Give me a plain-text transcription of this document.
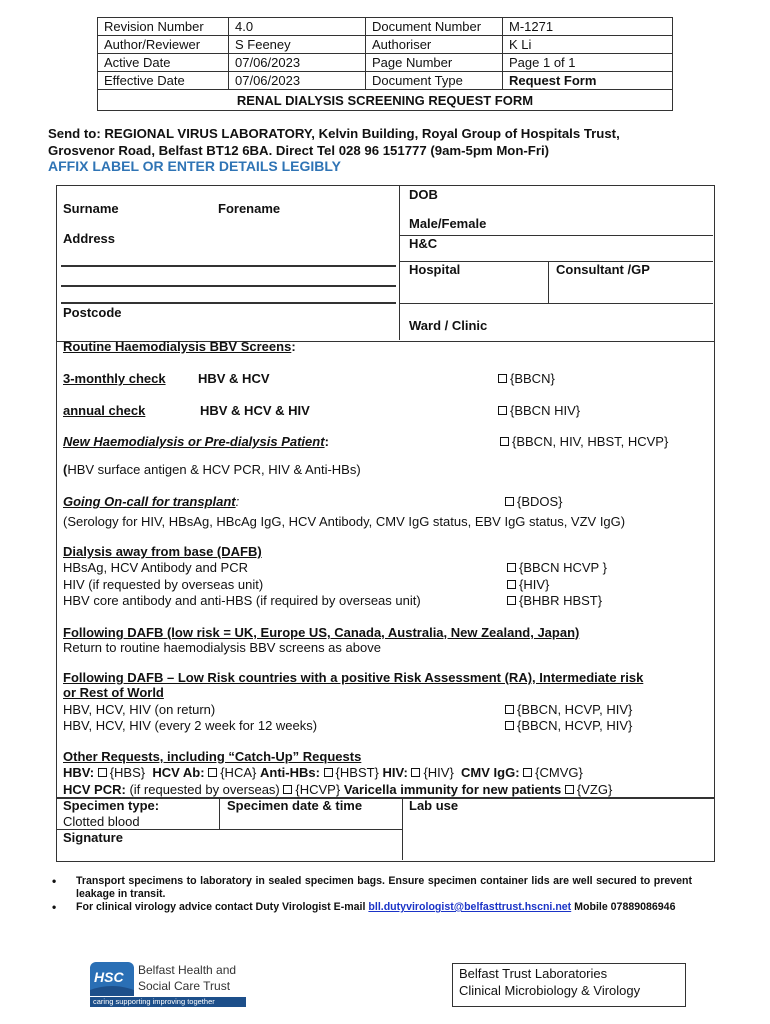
Revision Number	4.0	Document Number	M-1271
Author/Reviewer	S Feeney	Authoriser	K Li
Active Date	07/06/2023	Page Number	Page 1 of 1
Effective Date	07/06/2023	Document Type	Request Form
RENAL DIALYSIS SCREENING REQUEST FORM			
Send to: REGIONAL VIRUS LABORATORY, Kelvin Building, Royal Group of Hospitals Trust,
Grosvenor Road, Belfast BT12 6BA. Direct Tel 028 96 151777 (9am-5pm Mon-Fri)
AFFIX LABEL OR ENTER DETAILS LEGIBLY
Surname	Forename
Address
Postcode
DOB
Male/Female
H&C
Hospital	Consultant /GP
Ward / Clinic
Routine Haemodialysis BBV Screens:
3-monthly check HBV & HCV	{BBCN}
annual check	HBV & HCV & HIV	{BBCN HIV}
New Haemodialysis or Pre-dialysis Patient:	{BBCN, HIV, HBST, HCVP}
(HBV surface antigen & HCV PCR, HIV & Anti-HBs)
Going On-call for transplant:	{BDOS}
(Serology for HIV, HBsAg, HBcAg IgG, HCV Antibody, CMV IgG status, EBV IgG status, VZV IgG)
Dialysis away from base (DAFB)
HBsAg, HCV Antibody and PCR	{BBCN HCVP }
HIV (if requested by overseas unit)	{HIV}
HBV core antibody and anti-HBS (if required by overseas unit)	{BHBR HBST}
Following DAFB (low risk = UK, Europe US, Canada, Australia, New Zealand, Japan)
Return to routine haemodialysis BBV screens as above
Following DAFB – Low Risk countries with a positive Risk Assessment (RA), Intermediate risk
or Rest of World
HBV, HCV, HIV (on return)	{BBCN, HCVP, HIV}
HBV, HCV, HIV (every 2 week for 12 weeks)	{BBCN, HCVP, HIV}
Other Requests, including “Catch-Up” Requests
HBV: {HBS} HCV Ab: {HCA} Anti-HBs: {HBST} HIV: {HIV} CMV IgG: {CMVG}
HCV PCR: (if requested by overseas) {HCVP} Varicella immunity for new patients {VZG}
Specimen type:
Clotted blood
Specimen date & time	Lab use
Signature
• Transport specimens to laboratory in sealed specimen bags. Ensure specimen container lids are well secured to prevent leakage in transit.
• For clinical virology advice contact Duty Virologist E-mail bll.dutyvirologist@belfasttrust.hscni.net Mobile 07889086946
HSC Belfast Health and
Social Care Trust
caring supporting improving together
Belfast Trust Laboratories
Clinical Microbiology & Virology
